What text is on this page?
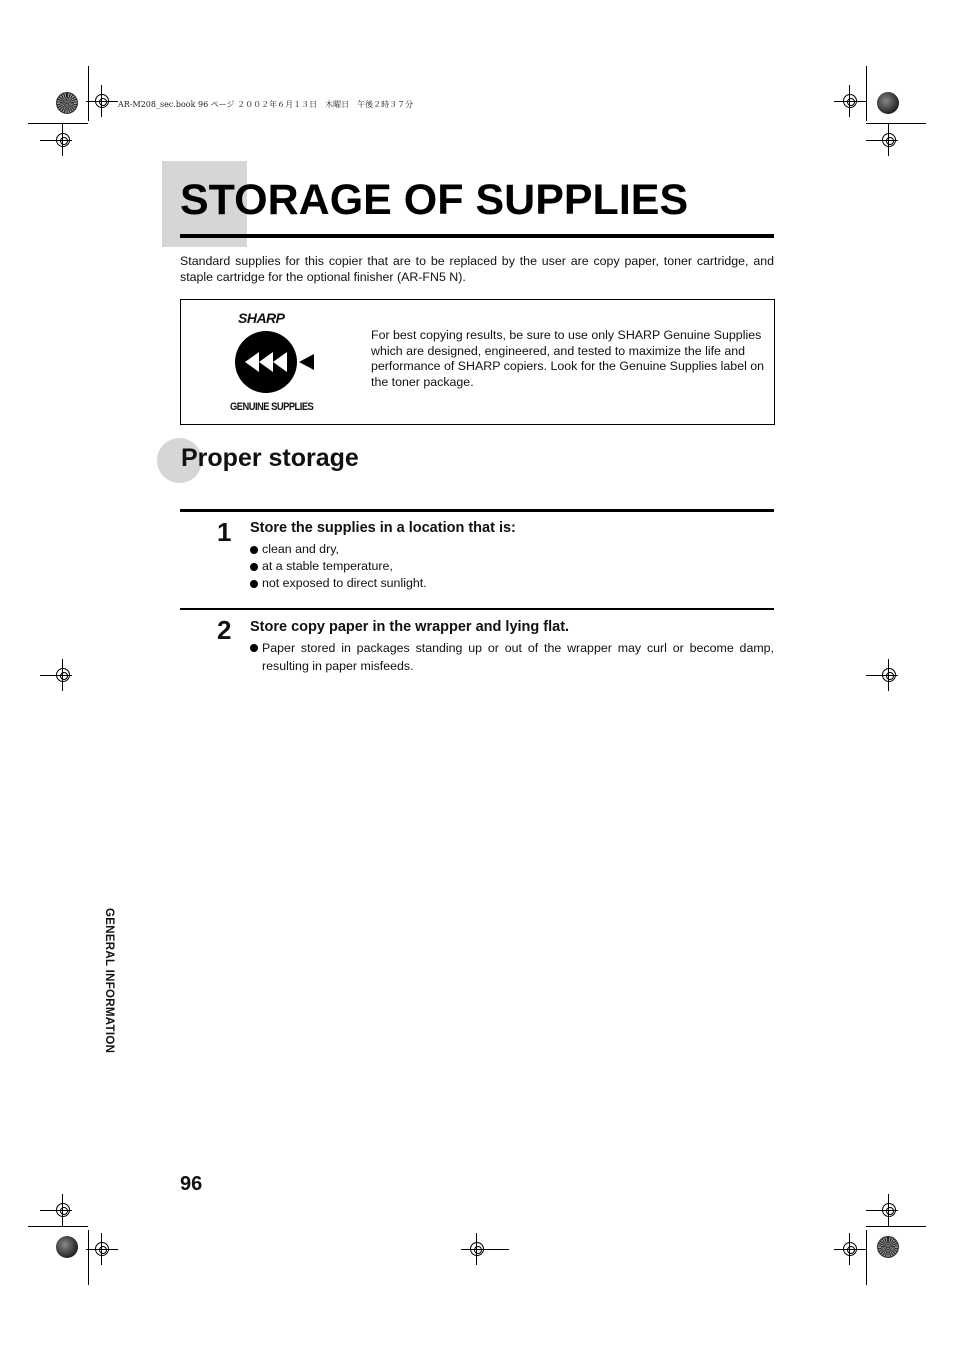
AR-M208_sec.book 96 ページ ２００２年６月１３日　木曜日　午後２時３７分
STORAGE OF SUPPLIES
Standard supplies for this copier that are to be replaced by the user are copy paper, toner cartridge, and staple cartridge for the optional finisher (AR-FN5 N).
SHARP
GENUINE SUPPLIES
For best copying results, be sure to use only SHARP Genuine Supplies which are designed, engineered, and tested to maximize the life and performance of SHARP copiers. Look for the Genuine Supplies label on the toner package.
Proper storage
1 Store the supplies in a location that is:
clean and dry,
at a stable temperature,
not exposed to direct sunlight.
2 Store copy paper in the wrapper and lying flat.
Paper stored in packages standing up or out of the wrapper may curl or become damp, resulting in paper misfeeds.
GENERAL INFORMATION
96
